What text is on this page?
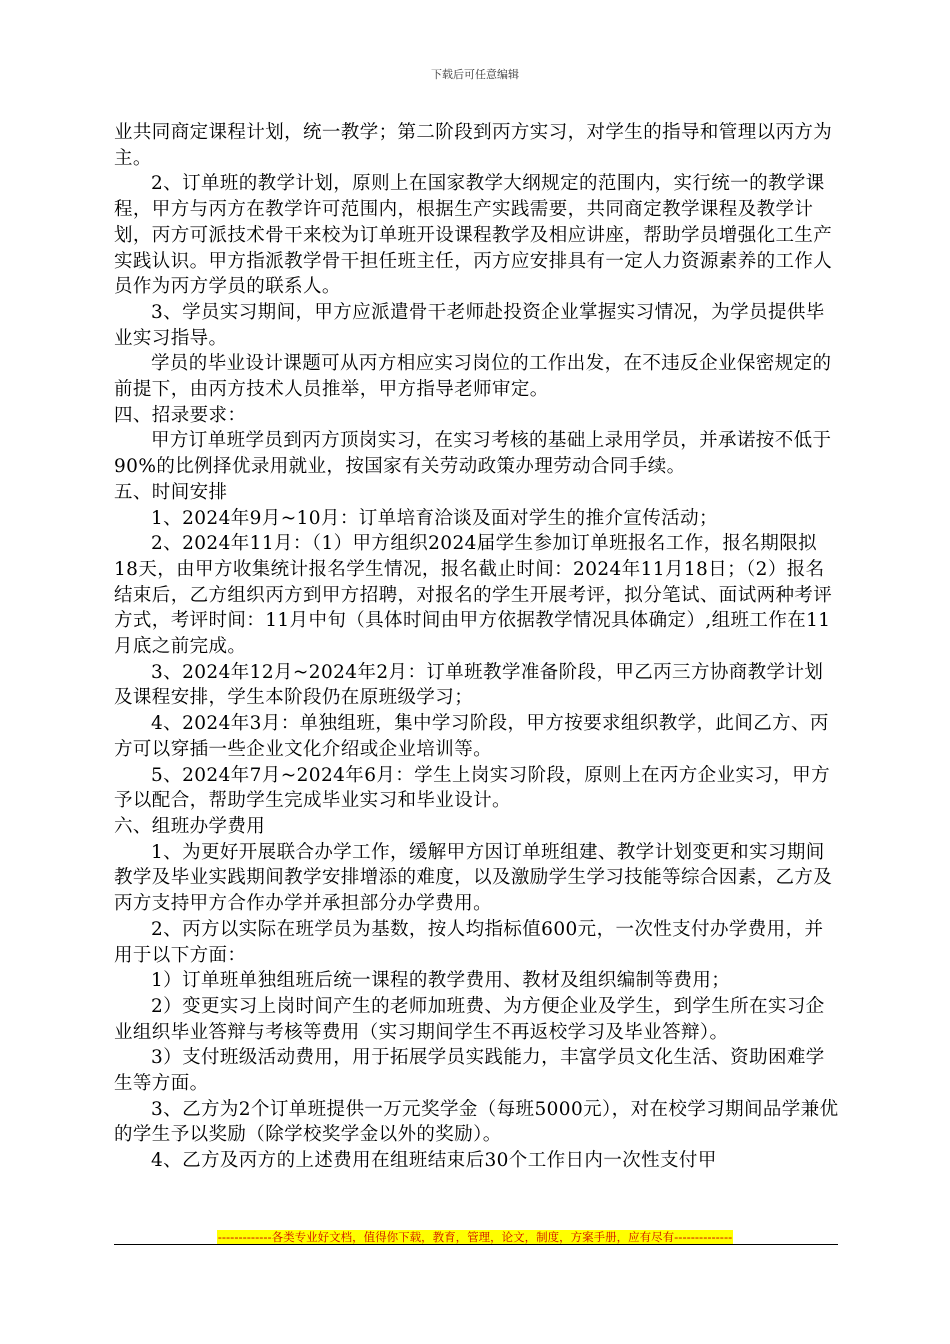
下载后可任意编辑

业共同商定课程计划，统一教学；第二阶段到丙方实习，对学生的指导和管理以丙方为主。

2、订单班的教学计划，原则上在国家教学大纲规定的范围内，实行统一的教学课程，甲方与丙方在教学许可范围内，根据生产实践需要，共同商定教学课程及教学计划，丙方可派技术骨干来校为订单班开设课程教学及相应讲座，帮助学员增强化工生产实践认识。甲方指派教学骨干担任班主任，丙方应安排具有一定人力资源素养的工作人员作为丙方学员的联系人。

3、学员实习期间，甲方应派遣骨干老师赴投资企业掌握实习情况，为学员提供毕业实习指导。

学员的毕业设计课题可从丙方相应实习岗位的工作出发，在不违反企业保密规定的前提下，由丙方技术人员推举，甲方指导老师审定。

四、招录要求：

甲方订单班学员到丙方顶岗实习，在实习考核的基础上录用学员，并承诺按不低于90%的比例择优录用就业，按国家有关劳动政策办理劳动合同手续。

五、时间安排

1、2024年9月~10月：订单培育洽谈及面对学生的推介宣传活动；

2、2024年11月：（1）甲方组织2024届学生参加订单班报名工作，报名期限拟18天，由甲方收集统计报名学生情况，报名截止时间：2024年11月18日；（2）报名结束后，乙方组织丙方到甲方招聘，对报名的学生开展考评，拟分笔试、面试两种考评方式，考评时间：11月中旬（具体时间由甲方依据教学情况具体确定）,组班工作在11月底之前完成。

3、2024年12月~2024年2月：订单班教学准备阶段，甲乙丙三方协商教学计划及课程安排，学生本阶段仍在原班级学习；

4、2024年3月：单独组班，集中学习阶段，甲方按要求组织教学，此间乙方、丙方可以穿插一些企业文化介绍或企业培训等。

5、2024年7月~2024年6月：学生上岗实习阶段，原则上在丙方企业实习，甲方予以配合，帮助学生完成毕业实习和毕业设计。

六、组班办学费用

1、为更好开展联合办学工作，缓解甲方因订单班组建、教学计划变更和实习期间教学及毕业实践期间教学安排增添的难度，以及激励学生学习技能等综合因素，乙方及丙方支持甲方合作办学并承担部分办学费用。

2、丙方以实际在班学员为基数，按人均指标值600元，一次性支付办学费用，并用于以下方面：

1）订单班单独组班后统一课程的教学费用、教材及组织编制等费用；

2）变更实习上岗时间产生的老师加班费、为方便企业及学生，到学生所在实习企业组织毕业答辩与考核等费用（实习期间学生不再返校学习及毕业答辩）。

3）支付班级活动费用，用于拓展学员实践能力，丰富学员文化生活、资助困难学生等方面。

3、乙方为2个订单班提供一万元奖学金（每班5000元），对在校学习期间品学兼优的学生予以奖励（除学校奖学金以外的奖励）。

4、乙方及丙方的上述费用在组班结束后30个工作日内一次性支付甲

-------------各类专业好文档，值得你下载，教育，管理，论文，制度，方案手册，应有尽有--------------
